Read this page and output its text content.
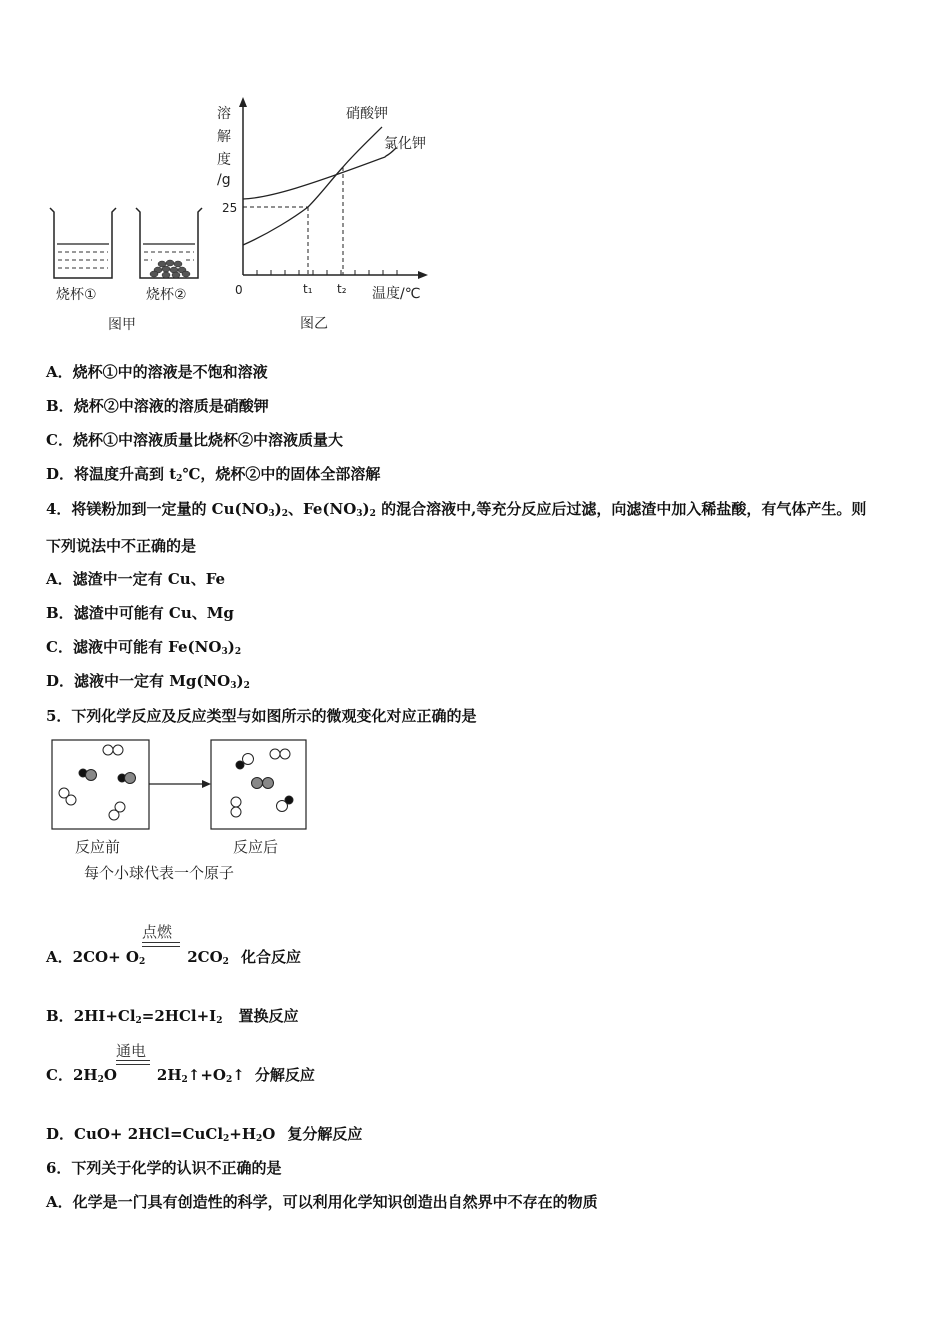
烧杯①	烧杯②
图甲
溶
解
度
/g
25
0	t₁ t₂ 温度/℃
硝酸钾
氯化钾
图乙
A．烧杯①中的溶液是不饱和溶液
B．烧杯②中溶液的溶质是硝酸钾
C．烧杯①中溶液质量比烧杯②中溶液质量大
D．将温度升高到 $t_2℃$，烧杯②中的固体全部溶解
4．将镁粉加到一定量的 $Cu(NO_3)_2$、$Fe(NO_3)_2$ 的混合溶液中,等充分反应后过滤，向滤渣中加入稀盐酸，有气体产生。则
下列说法中不正确的是
A．滤渣中一定有 Cu、Fe
B．滤渣中可能有 Cu、Mg
C．滤液中可能有 $Fe(NO_3)_2$
D．滤液中一定有 $Mg(NO_3)_2$
5．下列化学反应及反应类型与如图所示的微观变化对应正确的是
反应前	反应后
每个小球代表一个原子
点燃
A．$2CO+ O_2$	$2CO_2$ 化合反应
B．$2HI+Cl_2=2HCl+I_2$ 置换反应
通电
C．$2H_2O$	$2H_2↑+O_2↑$ 分解反应
D．$CuO+ 2HCl=CuCl_2+H_2O$ 复分解反应
6．下列关于化学的认识不正确的是
A．化学是一门具有创造性的科学，可以利用化学知识创造出自然界中不存在的物质
